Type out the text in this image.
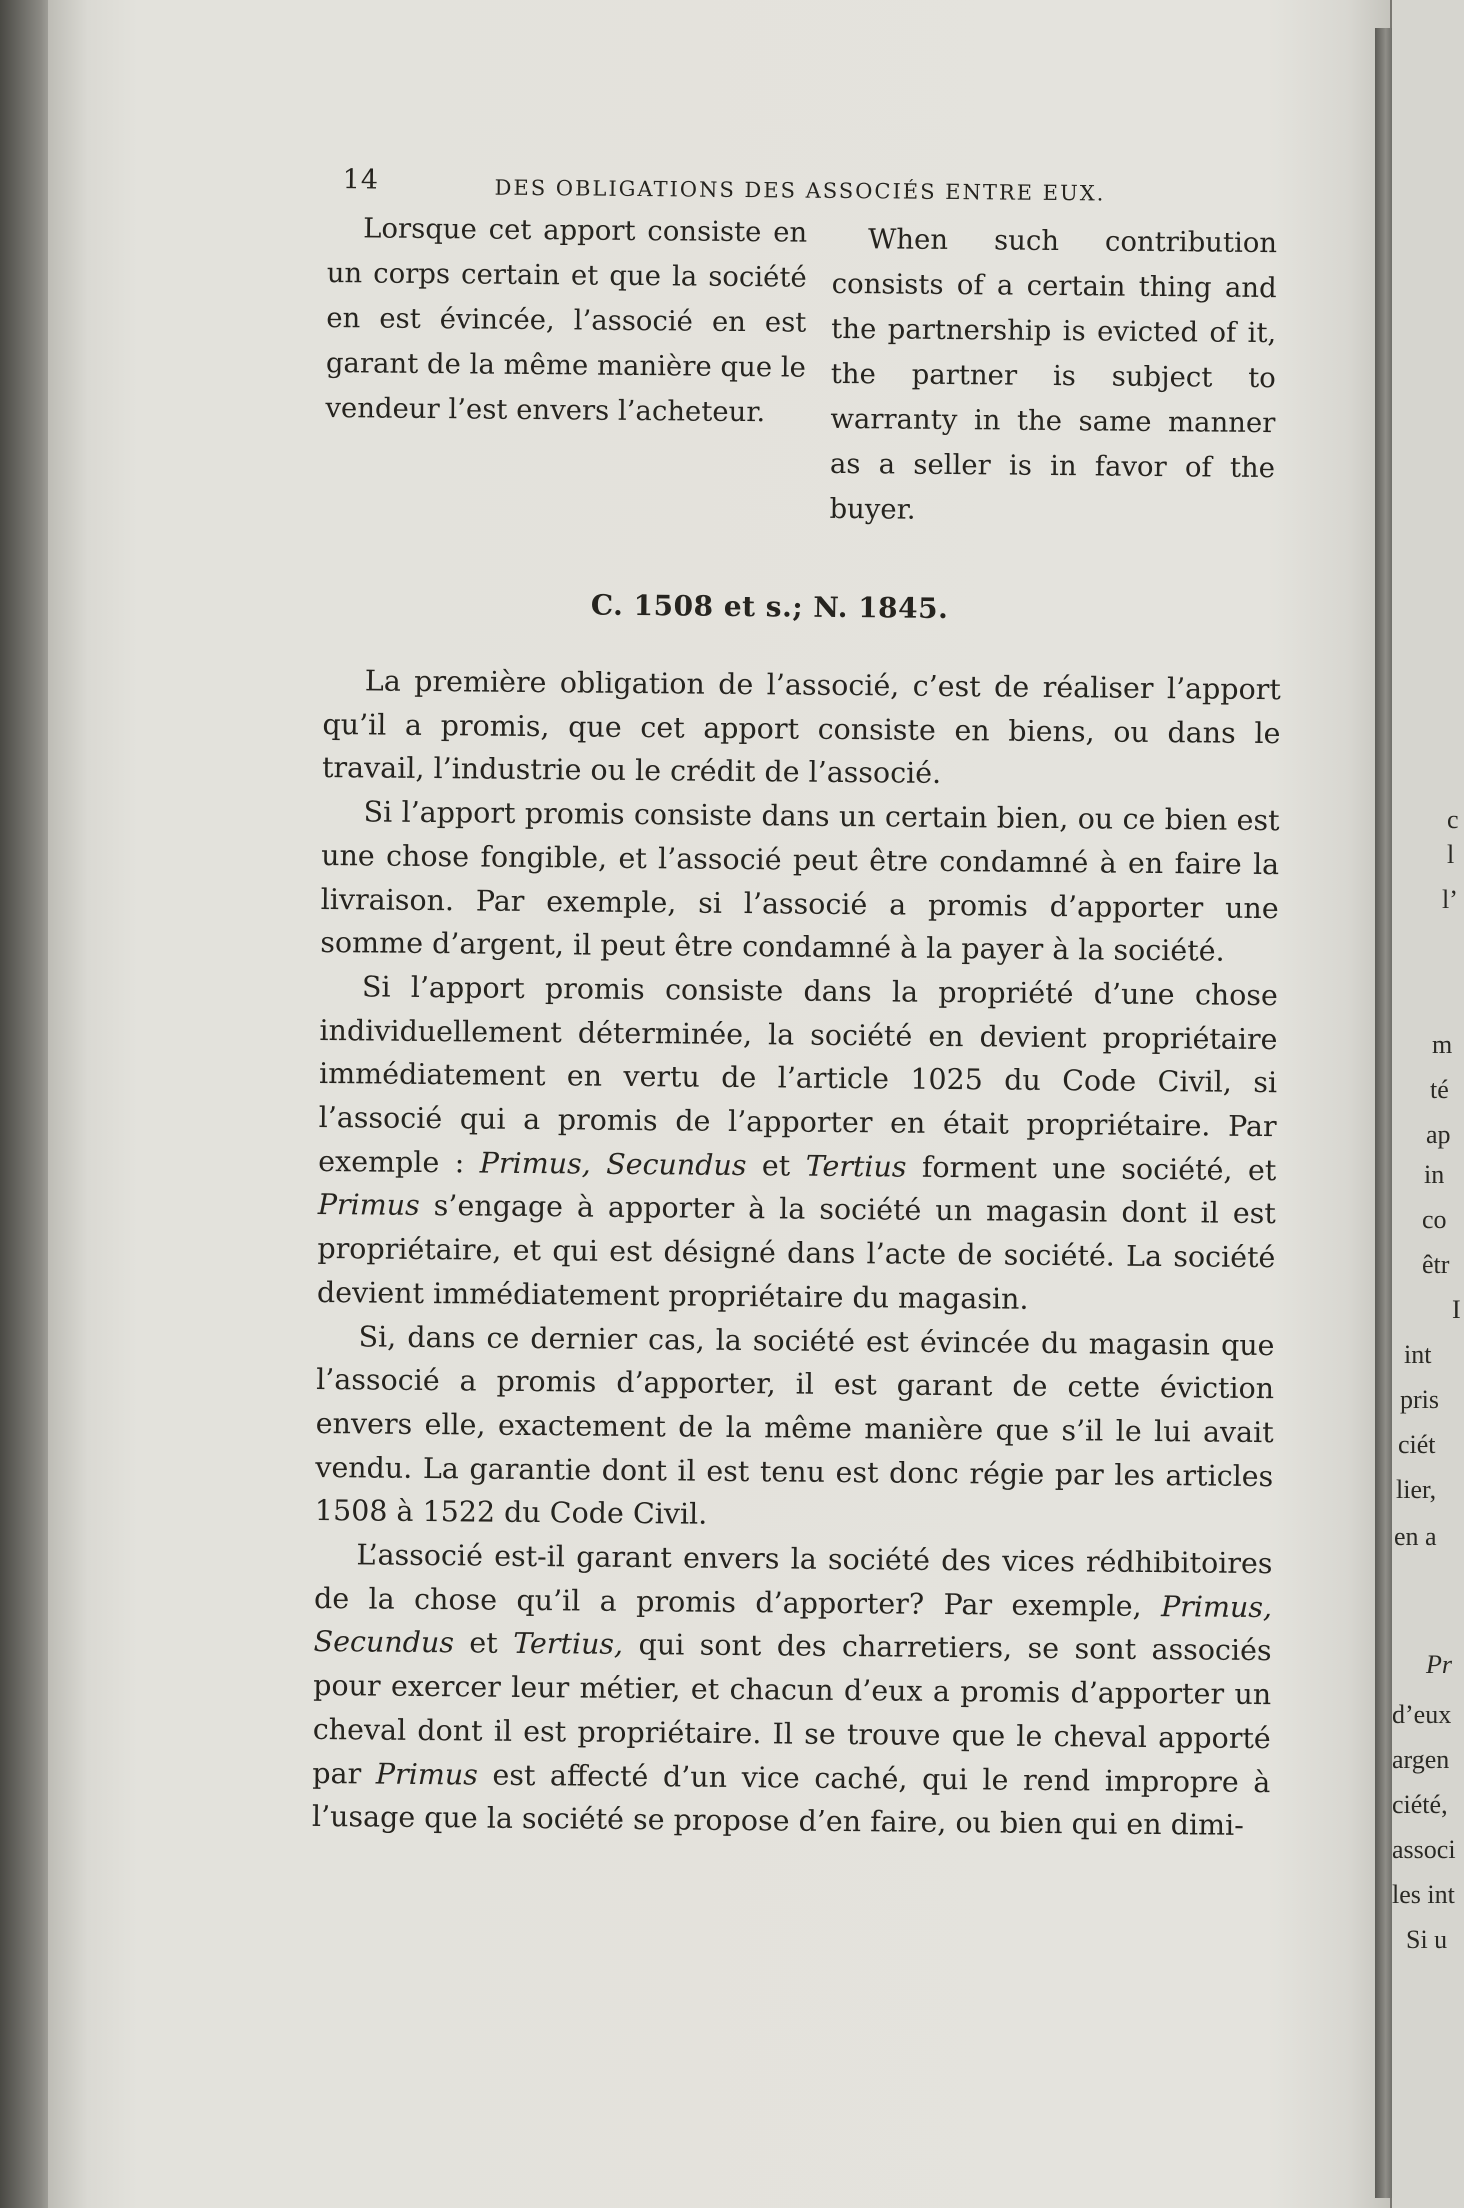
14	DES OBLIGATIONS DES ASSOCIÉS ENTRE EUX.
Lorsque cet apport consiste en un corps certain et que la société en est évincée, l’associé en est garant de la même manière que le vendeur l’est envers l’acheteur.
When such contribution consists of a certain thing and the partnership is evicted of it, the partner is subject to warranty in the same manner as a seller is in favor of the buyer.
C. 1508 et s.; N. 1845.

La première obligation de l’associé, c’est de réaliser l’apport qu’il a promis, que cet apport consiste en biens, ou dans le travail, l’industrie ou le crédit de l’associé.

Si l’apport promis consiste dans un certain bien, ou ce bien est une chose fongible, et l’associé peut être condamné à en faire la livraison. Par exemple, si l’associé a promis d’apporter une somme d’argent, il peut être condamné à la payer à la société.

Si l’apport promis consiste dans la propriété d’une chose individuellement déterminée, la société en devient propriétaire immédiatement en vertu de l’article 1025 du Code Civil, si l’associé qui a promis de l’apporter en était propriétaire. Par exemple : Primus, Secundus et Tertius forment une société, et Primus s’engage à apporter à la société un magasin dont il est propriétaire, et qui est désigné dans l’acte de société. La société devient immédiatement propriétaire du magasin.

Si, dans ce dernier cas, la société est évincée du magasin que l’associé a promis d’apporter, il est garant de cette éviction envers elle, exactement de la même manière que s’il le lui avait vendu. La garantie dont il est tenu est donc régie par les articles 1508 à 1522 du Code Civil.

L’associé est-il garant envers la société des vices rédhibitoires de la chose qu’il a promis d’apporter? Par exemple, Primus, Secundus et Tertius, qui sont des charretiers, se sont associés pour exercer leur métier, et chacun d’eux a promis d’apporter un cheval dont il est propriétaire. Il se trouve que le cheval apporté par Primus est affecté d’un vice caché, qui le rend impropre à l’usage que la société se propose d’en faire, ou bien qui en dimi-

c
l
l’
m
té
ap
in
co
êtr
I
int
pris
ciét
lier,
en a
Pr
d’eux
argen
ciété,
associ
les int
Si u
